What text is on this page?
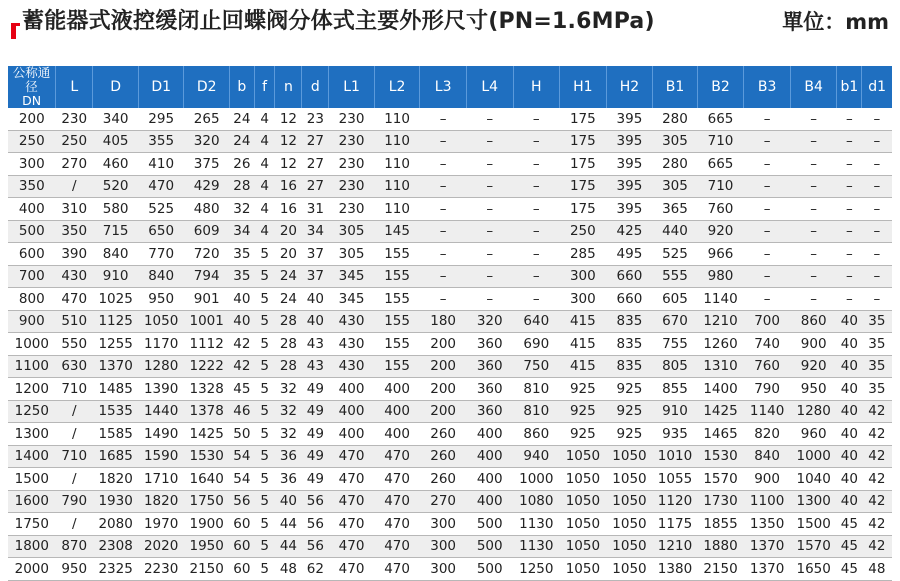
蓄能器式液控缓闭止回蝶阀分体式主要外形尺寸(PN=1.6MPa)	單位：mm
公称通径
DN	L	D	D1	D2	b	f	n	d	L1	L2	L3	L4	H	H1	H2	B1	B2	B3	B4	b1	d1
200	230	340	295	265	24	4	12	23	230	110	–	–	–	175	395	280	665	–	–	–	–
250	250	405	355	320	24	4	12	27	230	110	–	–	–	175	395	305	710	–	–	–	–
300	270	460	410	375	26	4	12	27	230	110	–	–	–	175	395	280	665	–	–	–	–
350	/	520	470	429	28	4	16	27	230	110	–	–	–	175	395	305	710	–	–	–	–
400	310	580	525	480	32	4	16	31	230	110	–	–	–	175	395	365	760	–	–	–	–
500	350	715	650	609	34	4	20	34	305	145	–	–	–	250	425	440	920	–	–	–	–
600	390	840	770	720	35	5	20	37	305	155	–	–	–	285	495	525	966	–	–	–	–
700	430	910	840	794	35	5	24	37	345	155	–	–	–	300	660	555	980	–	–	–	–
800	470	1025	950	901	40	5	24	40	345	155	–	–	–	300	660	605	1140	–	–	–	–
900	510	1125	1050	1001	40	5	28	40	430	155	180	320	640	415	835	670	1210	700	860	40	35
1000	550	1255	1170	1112	42	5	28	43	430	155	200	360	690	415	835	755	1260	740	900	40	35
1100	630	1370	1280	1222	42	5	28	43	430	155	200	360	750	415	835	805	1310	760	920	40	35
1200	710	1485	1390	1328	45	5	32	49	400	400	200	360	810	925	925	855	1400	790	950	40	35
1250	/	1535	1440	1378	46	5	32	49	400	400	200	360	810	925	925	910	1425	1140	1280	40	42
1300	/	1585	1490	1425	50	5	32	49	400	400	260	400	860	925	925	935	1465	820	960	40	42
1400	710	1685	1590	1530	54	5	36	49	470	470	260	400	940	1050	1050	1010	1530	840	1000	40	42
1500	/	1820	1710	1640	54	5	36	49	470	470	260	400	1000	1050	1050	1055	1570	900	1040	40	42
1600	790	1930	1820	1750	56	5	40	56	470	470	270	400	1080	1050	1050	1120	1730	1100	1300	40	42
1750	/	2080	1970	1900	60	5	44	56	470	470	300	500	1130	1050	1050	1175	1855	1350	1500	45	42
1800	870	2308	2020	1950	60	5	44	56	470	470	300	500	1130	1050	1050	1210	1880	1370	1570	45	42
2000	950	2325	2230	2150	60	5	48	62	470	470	300	500	1250	1050	1050	1380	2150	1370	1650	45	48
